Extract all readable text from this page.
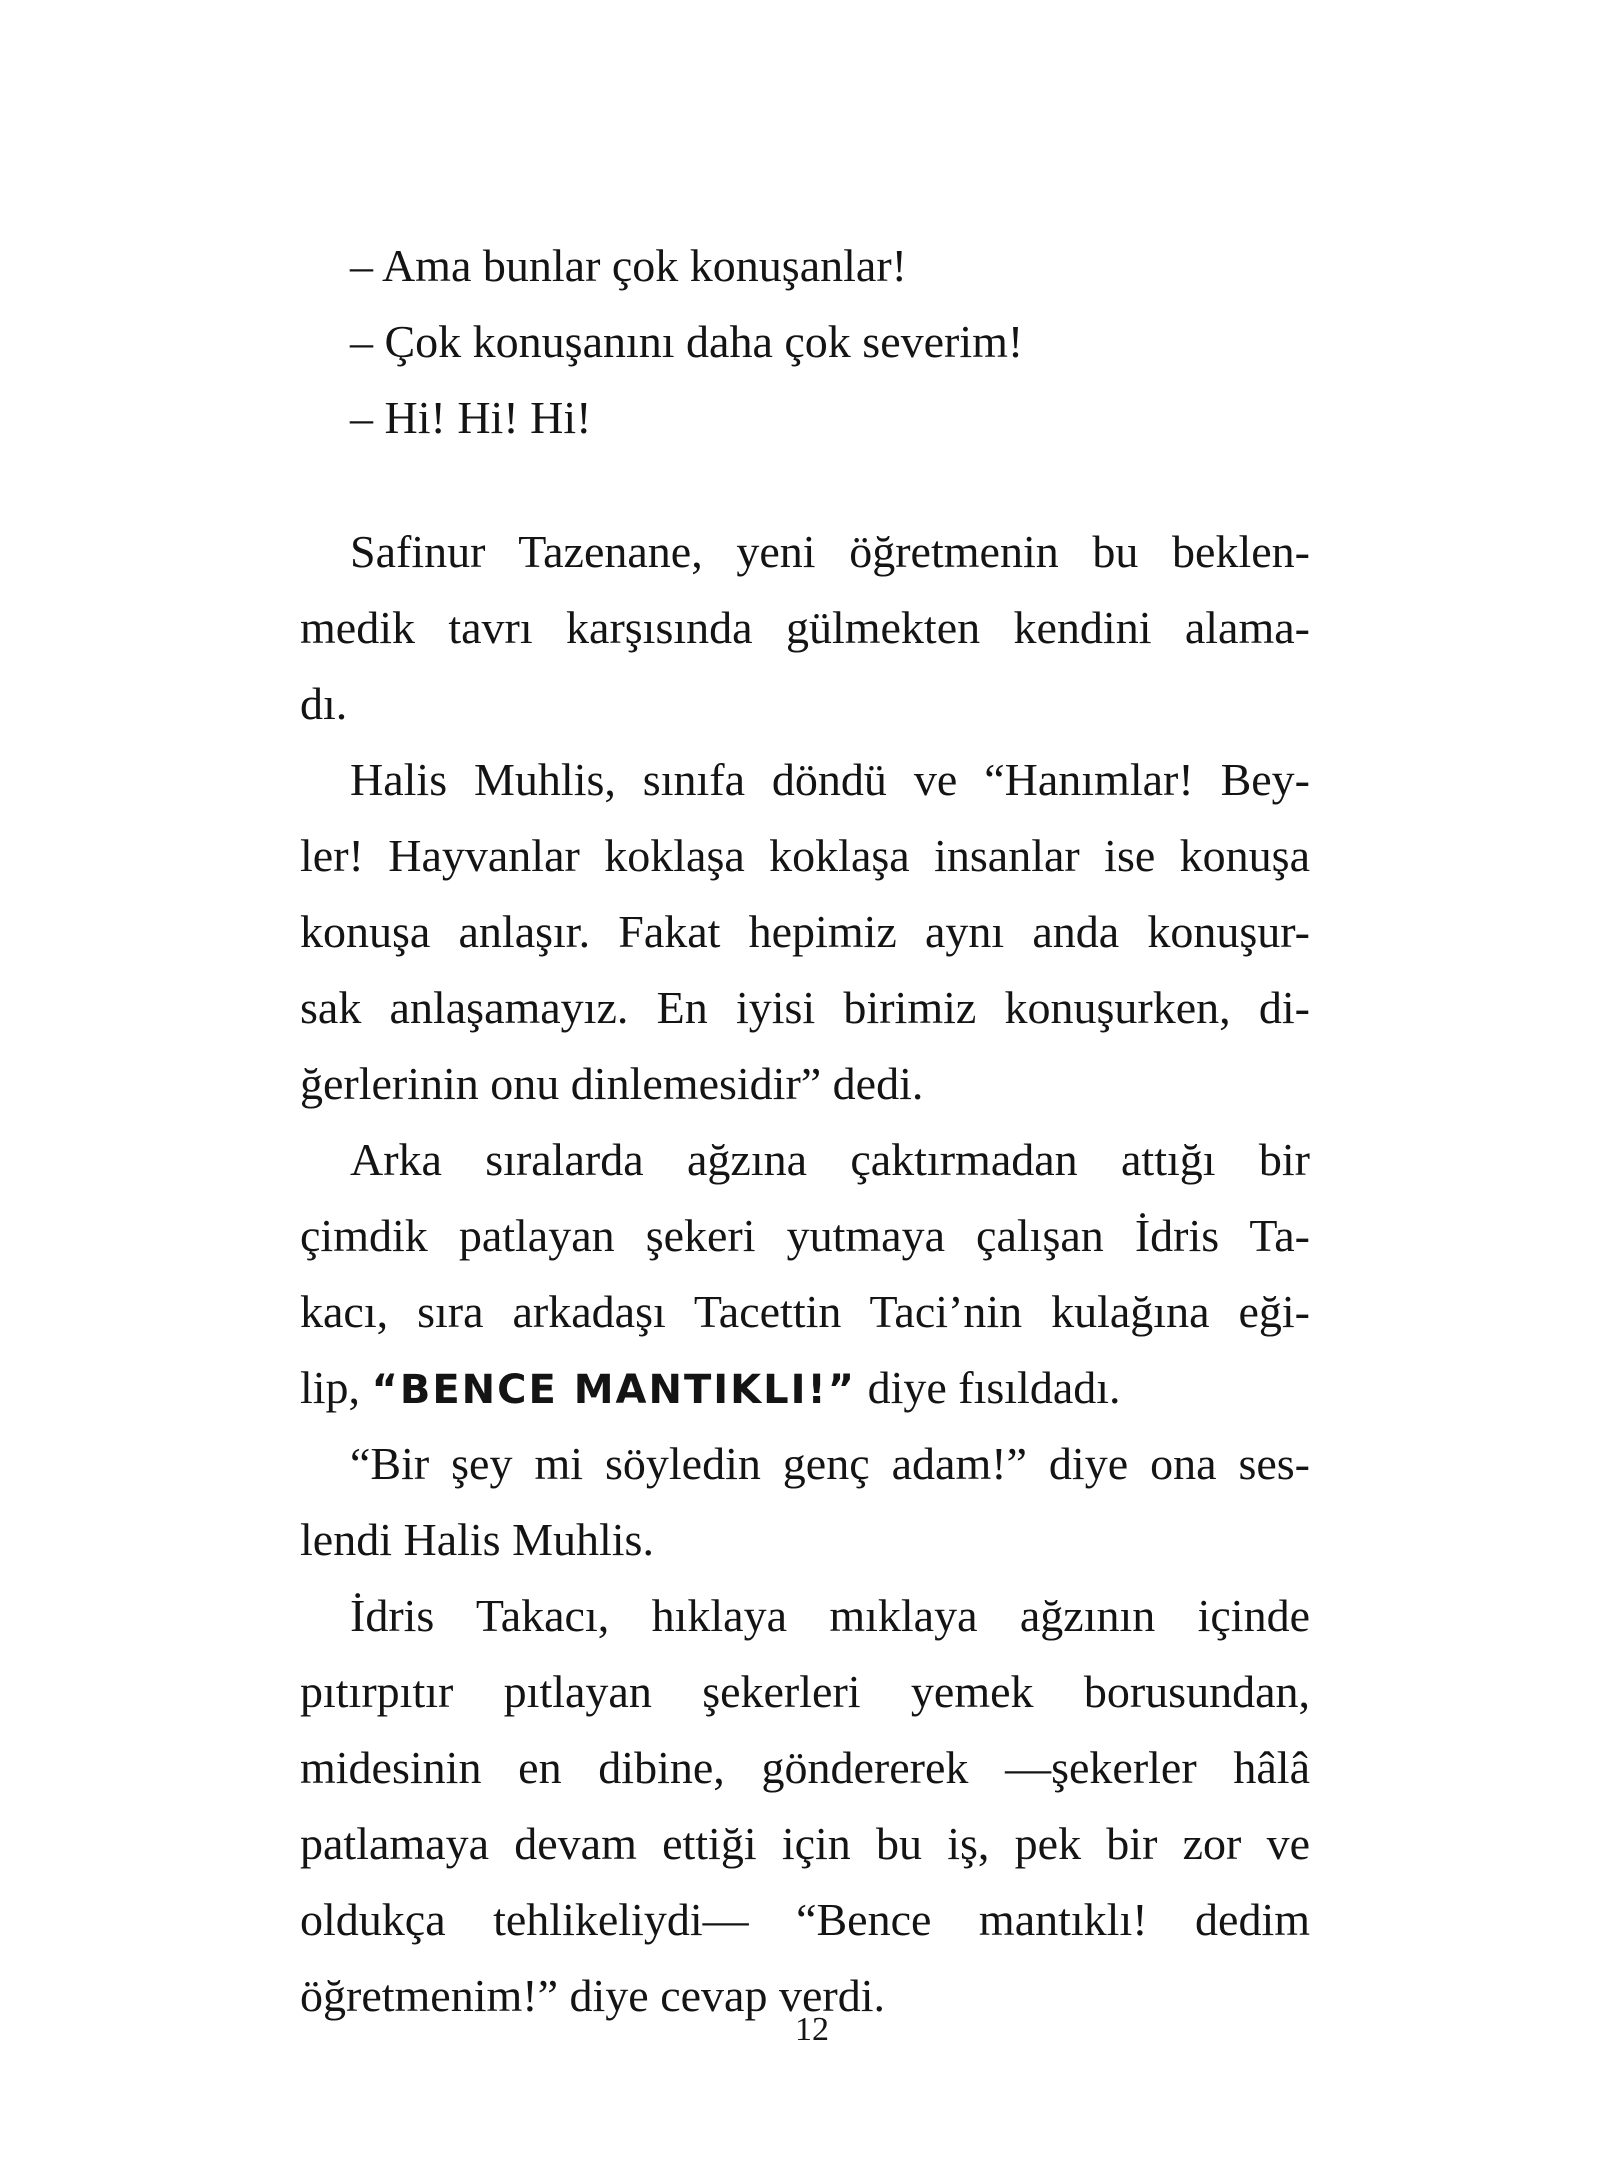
– Ama bunlar çok konuşanlar!
– Çok konuşanını daha çok severim!
– Hi! Hi! Hi!
Safinur Tazenane, yeni öğretmenin bu beklen-
medik tavrı karşısında gülmekten kendini alama-
dı.
Halis Muhlis, sınıfa döndü ve “Hanımlar! Bey-
ler! Hayvanlar koklaşa koklaşa insanlar ise konuşa
konuşa anlaşır. Fakat hepimiz aynı anda konuşur-
sak anlaşamayız. En iyisi birimiz konuşurken, di-
ğerlerinin onu dinlemesidir” dedi.
Arka sıralarda ağzına çaktırmadan attığı bir
çimdik patlayan şekeri yutmaya çalışan İdris Ta-
kacı, sıra arkadaşı Tacettin Taci’nin kulağına eği-
lip, “BENCE MANTIKLI!” diye fısıldadı.
“Bir şey mi söyledin genç adam!” diye ona ses-
lendi Halis Muhlis.
İdris Takacı, hıklaya mıklaya ağzının içinde
pıtırpıtır pıtlayan şekerleri yemek borusundan,
midesinin en dibine, göndererek —şekerler hâlâ
patlamaya devam ettiği için bu iş, pek bir zor ve
oldukça tehlikeliydi— “Bence mantıklı! dedim
öğretmenim!” diye cevap verdi.
12
